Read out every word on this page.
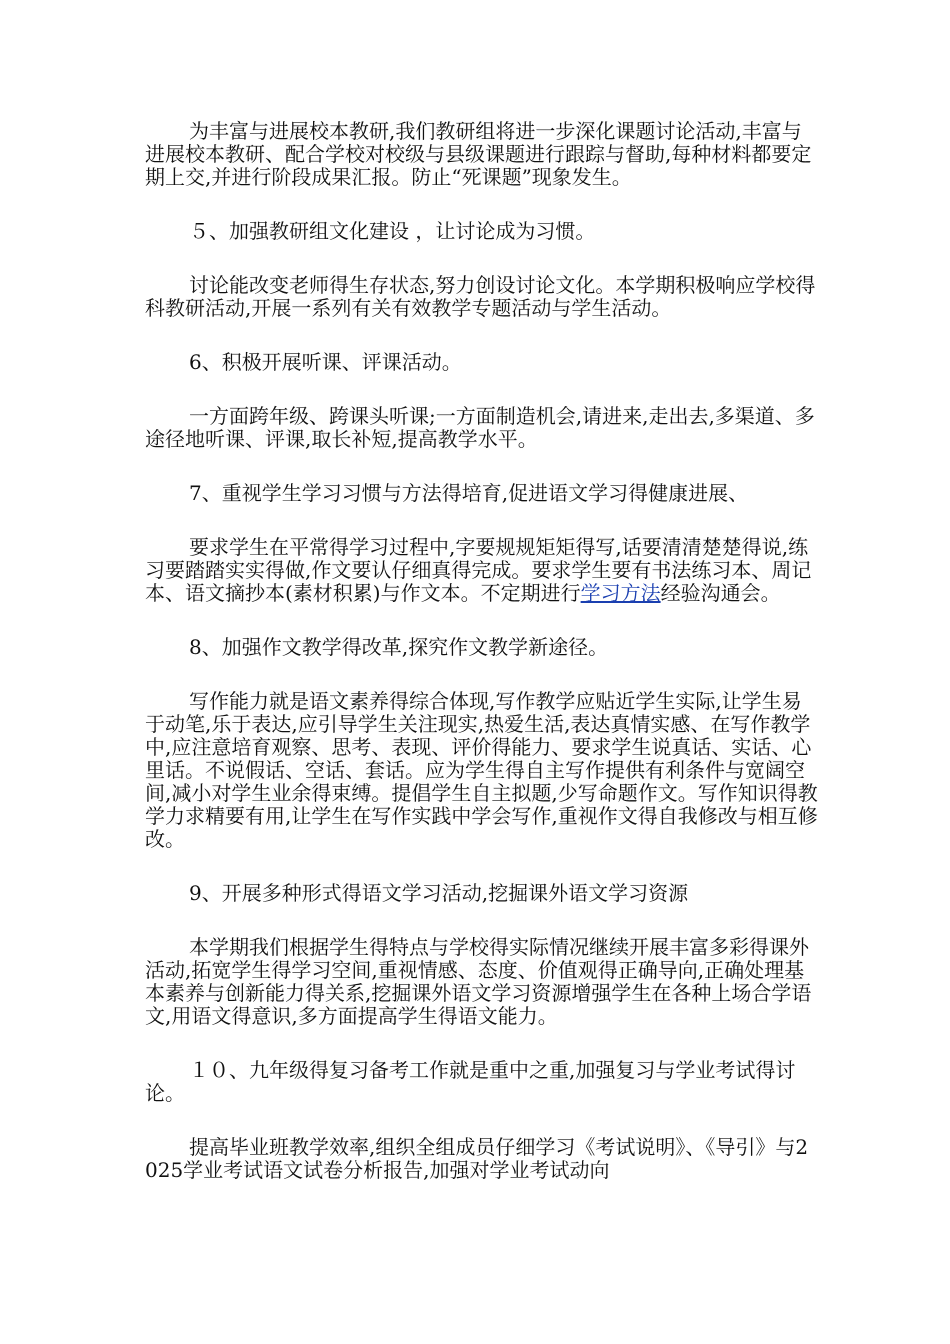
为丰富与进展校本教研,我们教研组将进一步深化课题讨论活动,丰富与进展校本教研、配合学校对校级与县级课题进行跟踪与督助,每种材料都要定期上交,并进行阶段成果汇报。防止“死课题”现象发生。

５、加强教研组文化建设 ，让讨论成为习惯。

讨论能改变老师得生存状态,努力创设讨论文化。本学期积极响应学校得科教研活动,开展一系列有关有效教学专题活动与学生活动。

6、积极开展听课、评课活动。

一方面跨年级、跨课头听课;一方面制造机会,请进来,走出去,多渠道、多途径地听课、评课,取长补短,提高教学水平。

7、重视学生学习习惯与方法得培育,促进语文学习得健康进展、

要求学生在平常得学习过程中,字要规规矩矩得写,话要清清楚楚得说,练习要踏踏实实得做,作文要认仔细真得完成。要求学生要有书法练习本、周记本、语文摘抄本(素材积累)与作文本。不定期进行学习方法经验沟通会。

8、加强作文教学得改革,探究作文教学新途径。

写作能力就是语文素养得综合体现,写作教学应贴近学生实际,让学生易于动笔,乐于表达,应引导学生关注现实,热爱生活,表达真情实感、在写作教学中,应注意培育观察、思考、表现、评价得能力、要求学生说真话、实话、心里话。不说假话、空话、套话。应为学生得自主写作提供有利条件与宽阔空间,减小对学生业余得束缚。提倡学生自主拟题,少写命题作文。写作知识得教学力求精要有用,让学生在写作实践中学会写作,重视作文得自我修改与相互修改。

9、开展多种形式得语文学习活动,挖掘课外语文学习资源

本学期我们根据学生得特点与学校得实际情况继续开展丰富多彩得课外活动,拓宽学生得学习空间,重视情感、态度、价值观得正确导向,正确处理基本素养与创新能力得关系,挖掘课外语文学习资源增强学生在各种上场合学语文,用语文得意识,多方面提高学生得语文能力。

１０、九年级得复习备考工作就是重中之重,加强复习与学业考试得讨论。

提高毕业班教学效率,组织全组成员仔细学习《考试说明》、《导引》与2025学业考试语文试卷分析报告,加强对学业考试动向
